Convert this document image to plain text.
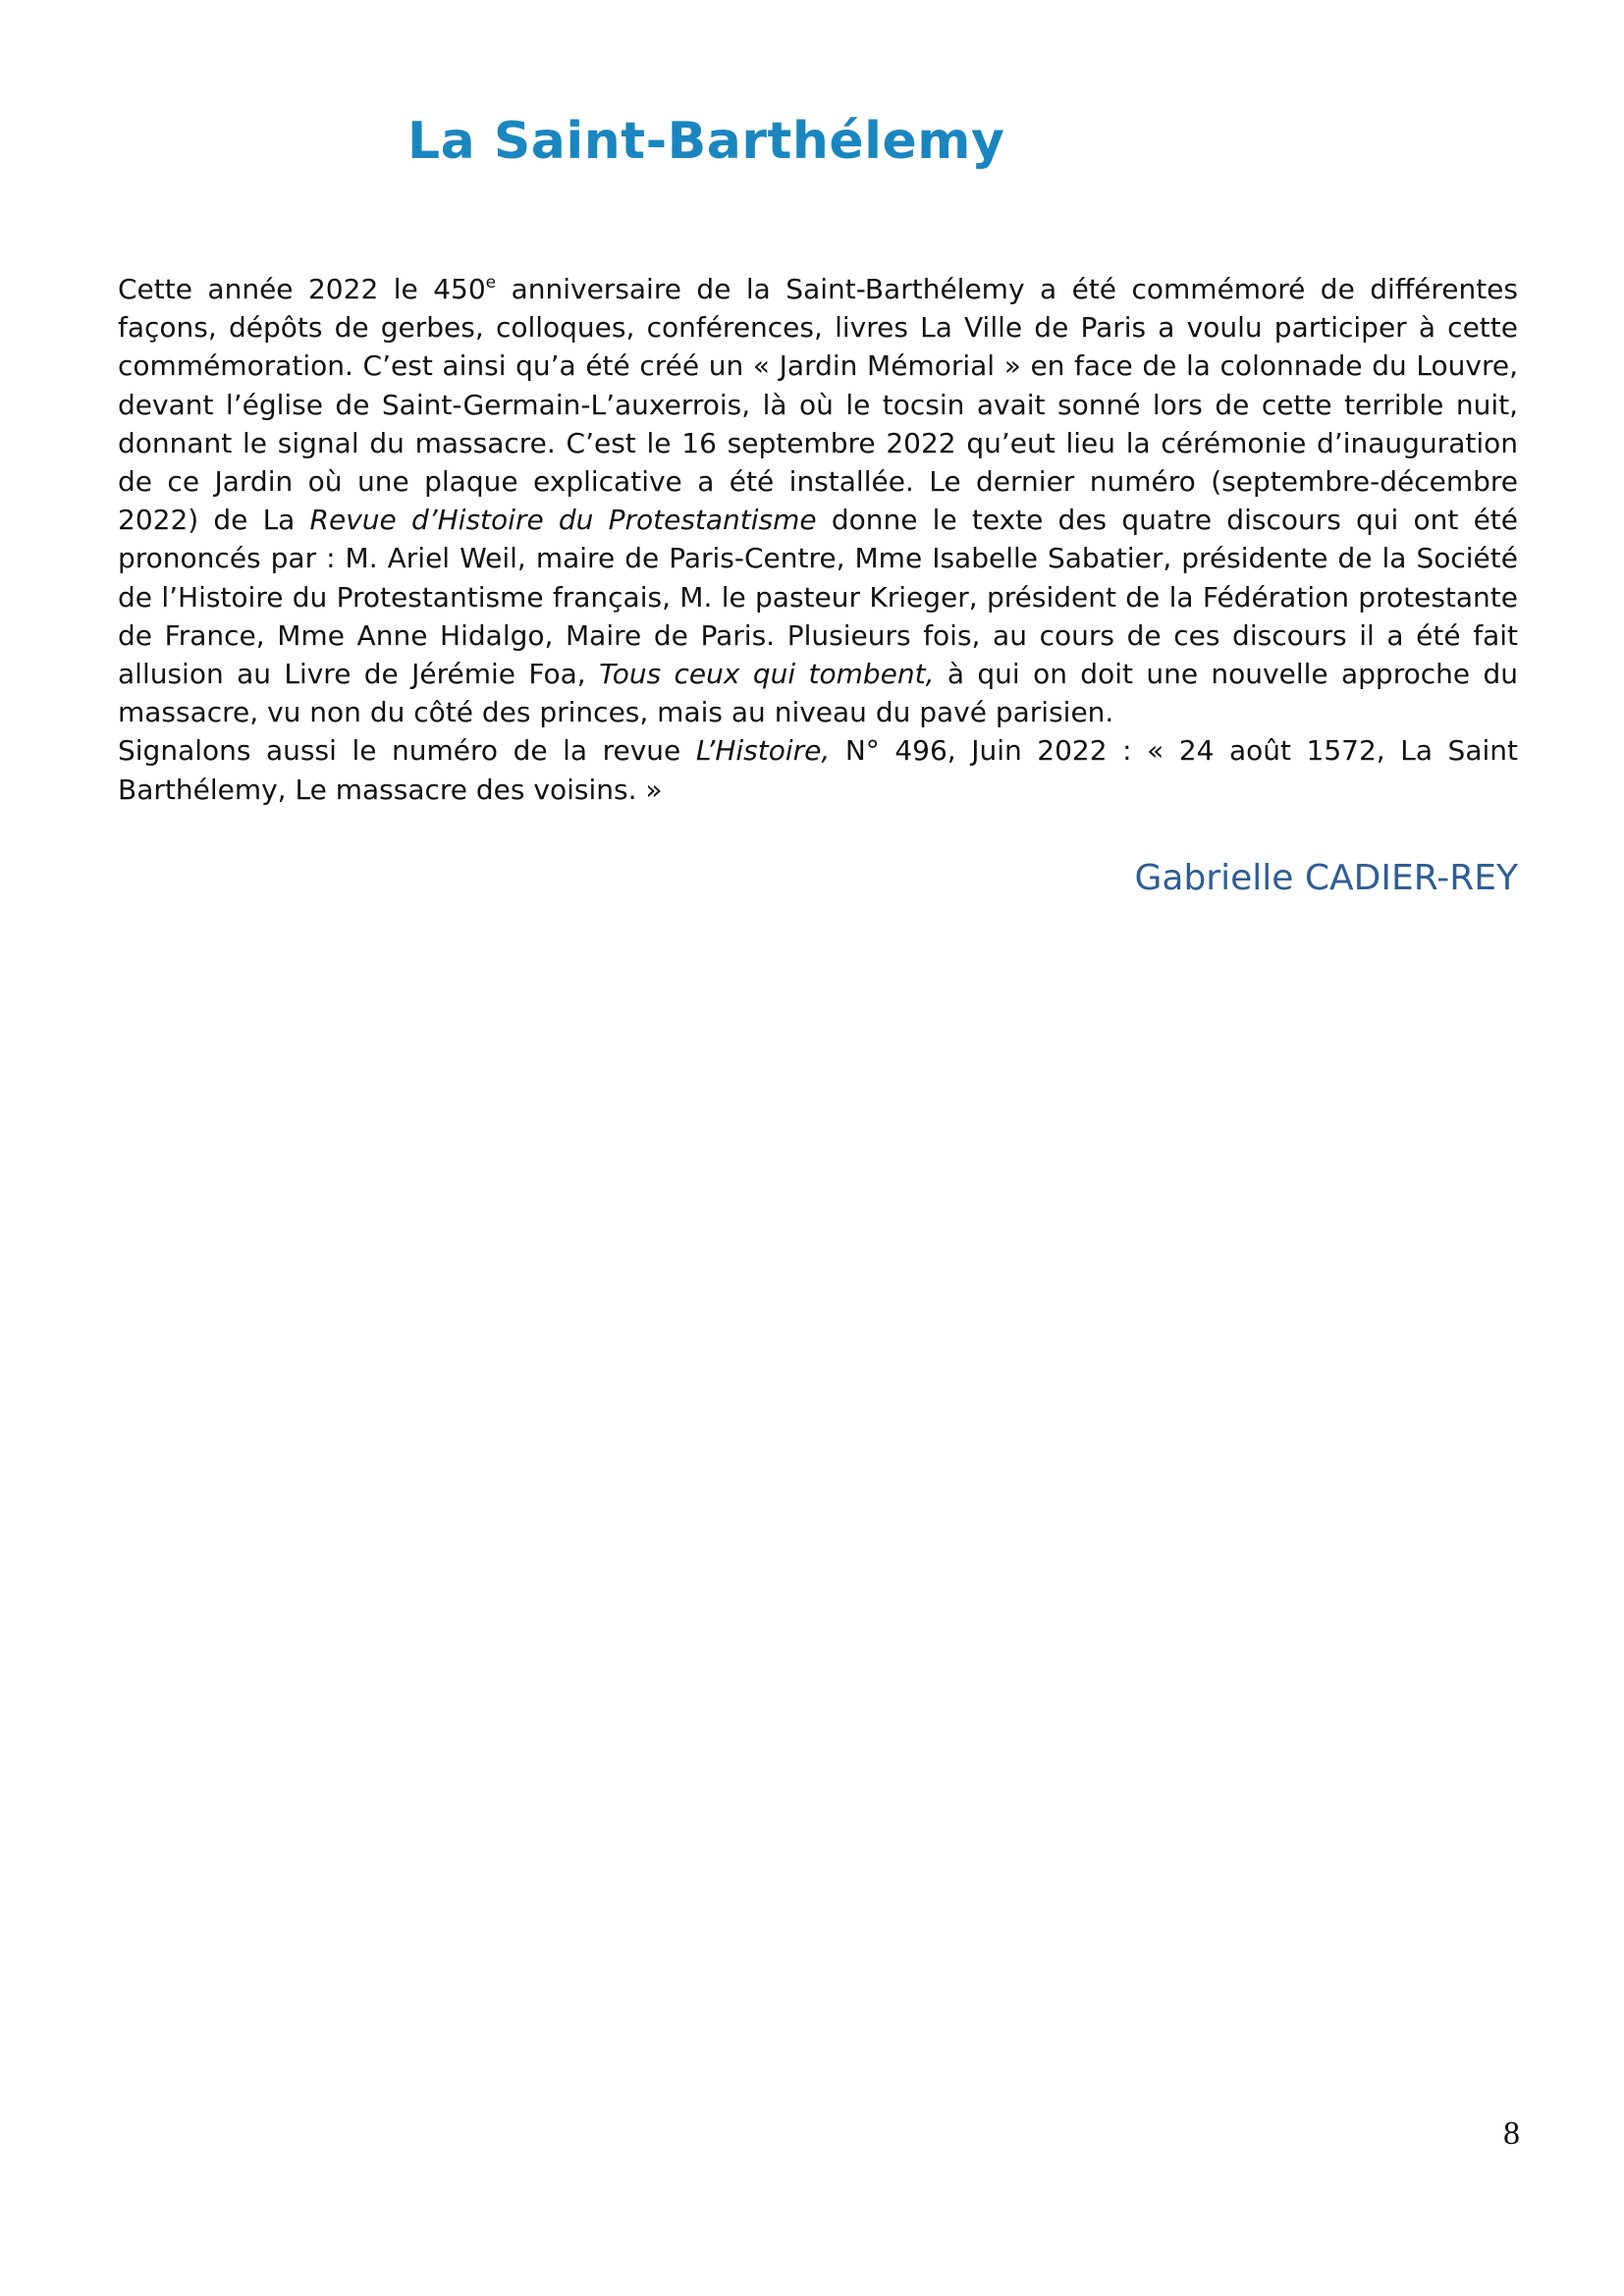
La Saint-Barthélemy

Cette année 2022 le 450e anniversaire de la Saint-Barthélemy a été commémoré de différentes façons, dépôts de gerbes, colloques, conférences, livres La Ville de Paris a voulu participer à cette commémoration. C’est ainsi qu’a été créé un « Jardin Mémorial » en face de la colonnade du Louvre, devant l’église de Saint-Germain-L’auxerrois, là où le tocsin avait sonné lors de cette terrible nuit, donnant le signal du massacre. C’est le 16 septembre 2022 qu’eut lieu la cérémonie d’inauguration de ce Jardin où une plaque explicative a été installée. Le dernier numéro (septembre-décembre 2022) de La Revue d’Histoire du Protestantisme donne le texte des quatre discours qui ont été prononcés par : M. Ariel Weil, maire de Paris-Centre, Mme Isabelle Sabatier, présidente de la Société de l’Histoire du Protestantisme français, M. le pasteur Krieger, président de la Fédération protestante de France, Mme Anne Hidalgo, Maire de Paris. Plusieurs fois, au cours de ces discours il a été fait allusion au Livre de Jérémie Foa, Tous ceux qui tombent, à qui on doit une nouvelle approche du massacre, vu non du côté des princes, mais au niveau du pavé parisien.

Signalons aussi le numéro de la revue L’Histoire, N° 496, Juin 2022 : « 24 août 1572, La Saint Barthélemy, Le massacre des voisins. »

Gabrielle CADIER-REY

8
